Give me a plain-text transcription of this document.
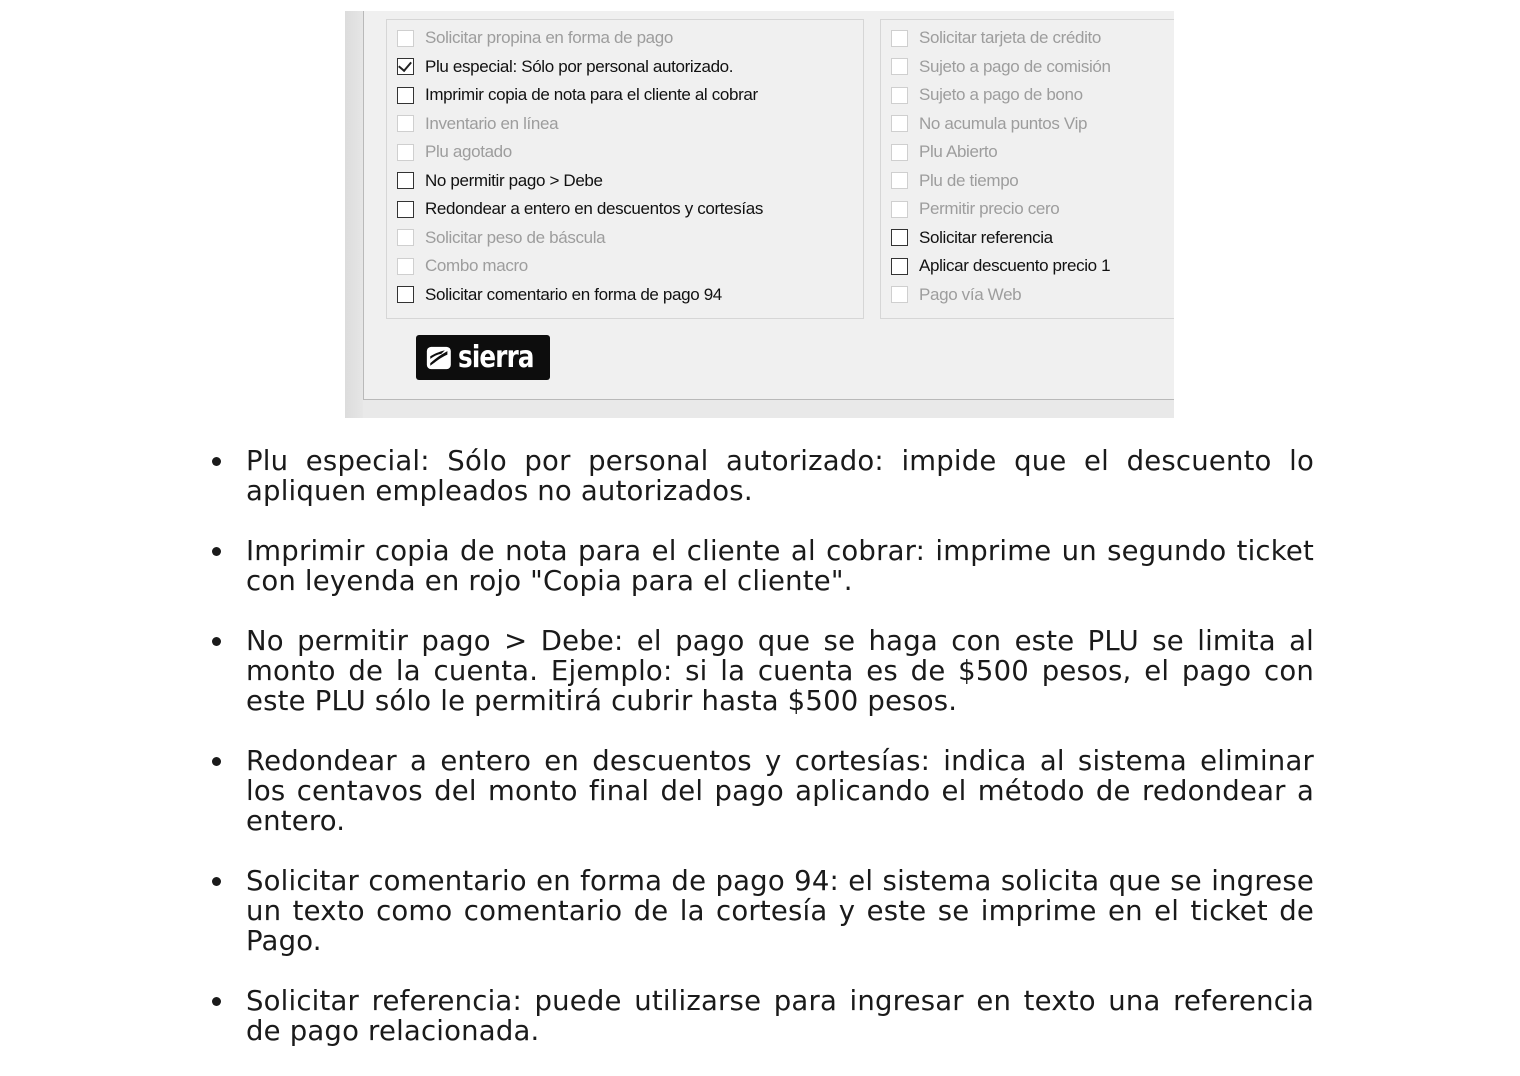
Solicitar propina en forma de pago
Plu especial: Sólo por personal autorizado.
Imprimir copia de nota para el cliente al cobrar
Inventario en línea
Plu agotado
No permitir pago > Debe
Redondear a entero en descuentos y cortesías
Solicitar peso de báscula
Combo macro
Solicitar comentario en forma de pago 94
Solicitar tarjeta de crédito
Sujeto a pago de comisión
Sujeto a pago de bono
No acumula puntos Vip
Plu Abierto
Plu de tiempo
Permitir precio cero
Solicitar referencia
Aplicar descuento precio 1
Pago vía Web
sierra
Plu especial: Sólo por personal autorizado: impide que el descuento lo apliquen empleados no autorizados.
Imprimir copia de nota para el cliente al cobrar: imprime un segundo ticket con leyenda en rojo "Copia para el cliente".
No permitir pago > Debe: el pago que se haga con este PLU se limita al monto de la cuenta. Ejemplo: si la cuenta es de $500 pesos, el pago con este PLU sólo le permitirá cubrir hasta $500 pesos.
Redondear a entero en descuentos y cortesías: indica al sistema eliminar los centavos del monto final del pago aplicando el método de redondear a entero.
Solicitar comentario en forma de pago 94: el sistema solicita que se ingrese un texto como comentario de la cortesía y este se imprime en el ticket de Pago.
Solicitar referencia: puede utilizarse para ingresar en texto una referencia de pago relacionada.
